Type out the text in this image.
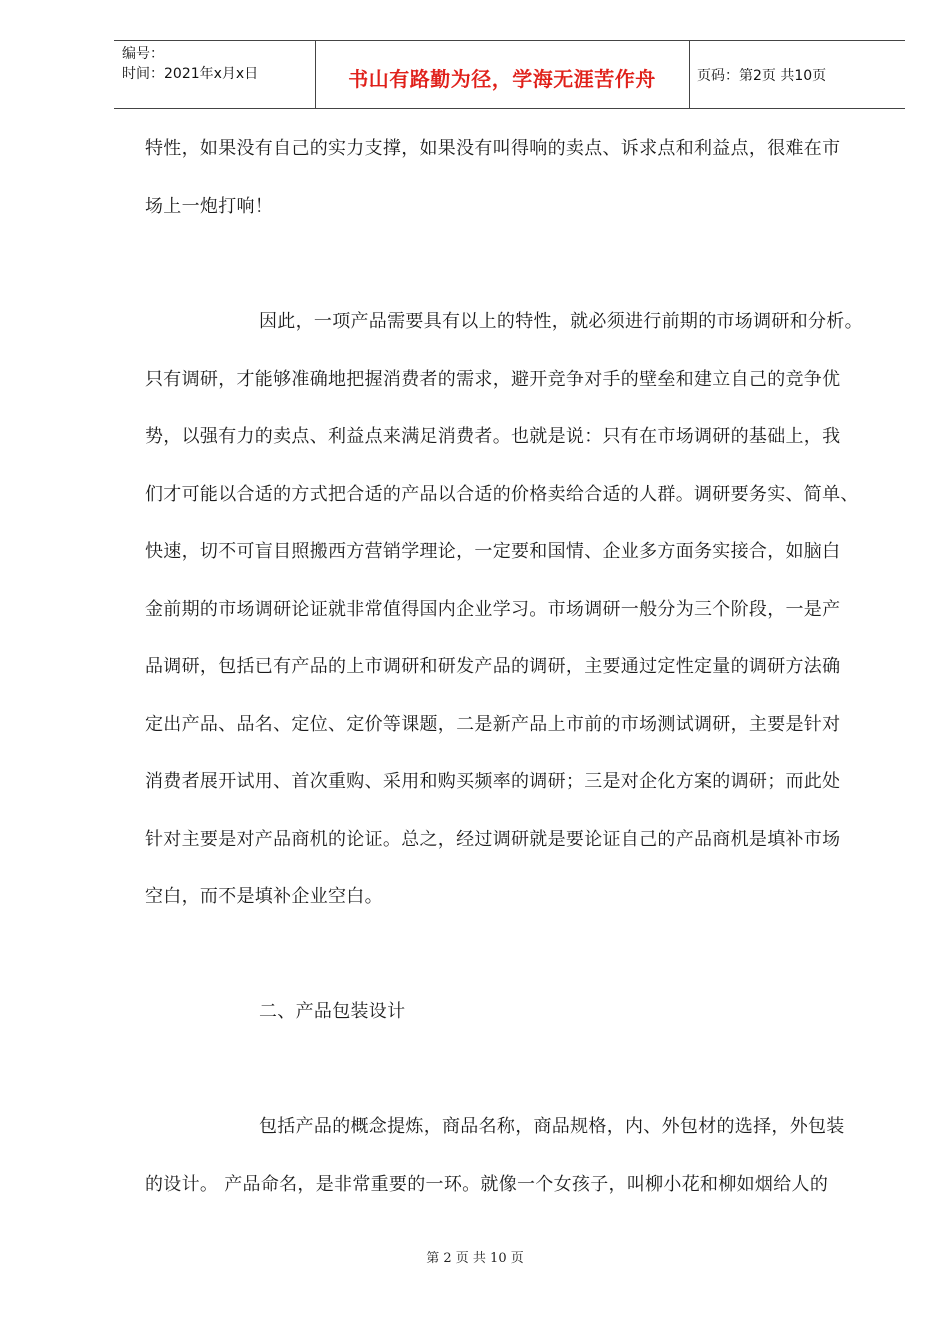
编号：
时间：2021年x月x日	书山有路勤为径，学海无涯苦作舟	页码：第2页 共10页
特性，如果没有自己的实力支撑，如果没有叫得响的卖点、诉求点和利益点，很难在市
场上一炮打响！
因此，一项产品需要具有以上的特性，就必须进行前期的市场调研和分析。
只有调研，才能够准确地把握消费者的需求，避开竞争对手的壁垒和建立自己的竞争优
势，以强有力的卖点、利益点来满足消费者。也就是说：只有在市场调研的基础上，我
们才可能以合适的方式把合适的产品以合适的价格卖给合适的人群。调研要务实、简单、
快速，切不可盲目照搬西方营销学理论，一定要和国情、企业多方面务实接合，如脑白
金前期的市场调研论证就非常值得国内企业学习。市场调研一般分为三个阶段，一是产
品调研，包括已有产品的上市调研和研发产品的调研，主要通过定性定量的调研方法确
定出产品、品名、定位、定价等课题，二是新产品上市前的市场测试调研，主要是针对
消费者展开试用、首次重购、采用和购买频率的调研；三是对企化方案的调研；而此处
针对主要是对产品商机的论证。总之，经过调研就是要论证自己的产品商机是填补市场
空白，而不是填补企业空白。
二、产品包装设计
包括产品的概念提炼，商品名称，商品规格，内、外包材的选择，外包装
的设计。 产品命名，是非常重要的一环。就像一个女孩子，叫柳小花和柳如烟给人的
第 2 页 共 10 页
